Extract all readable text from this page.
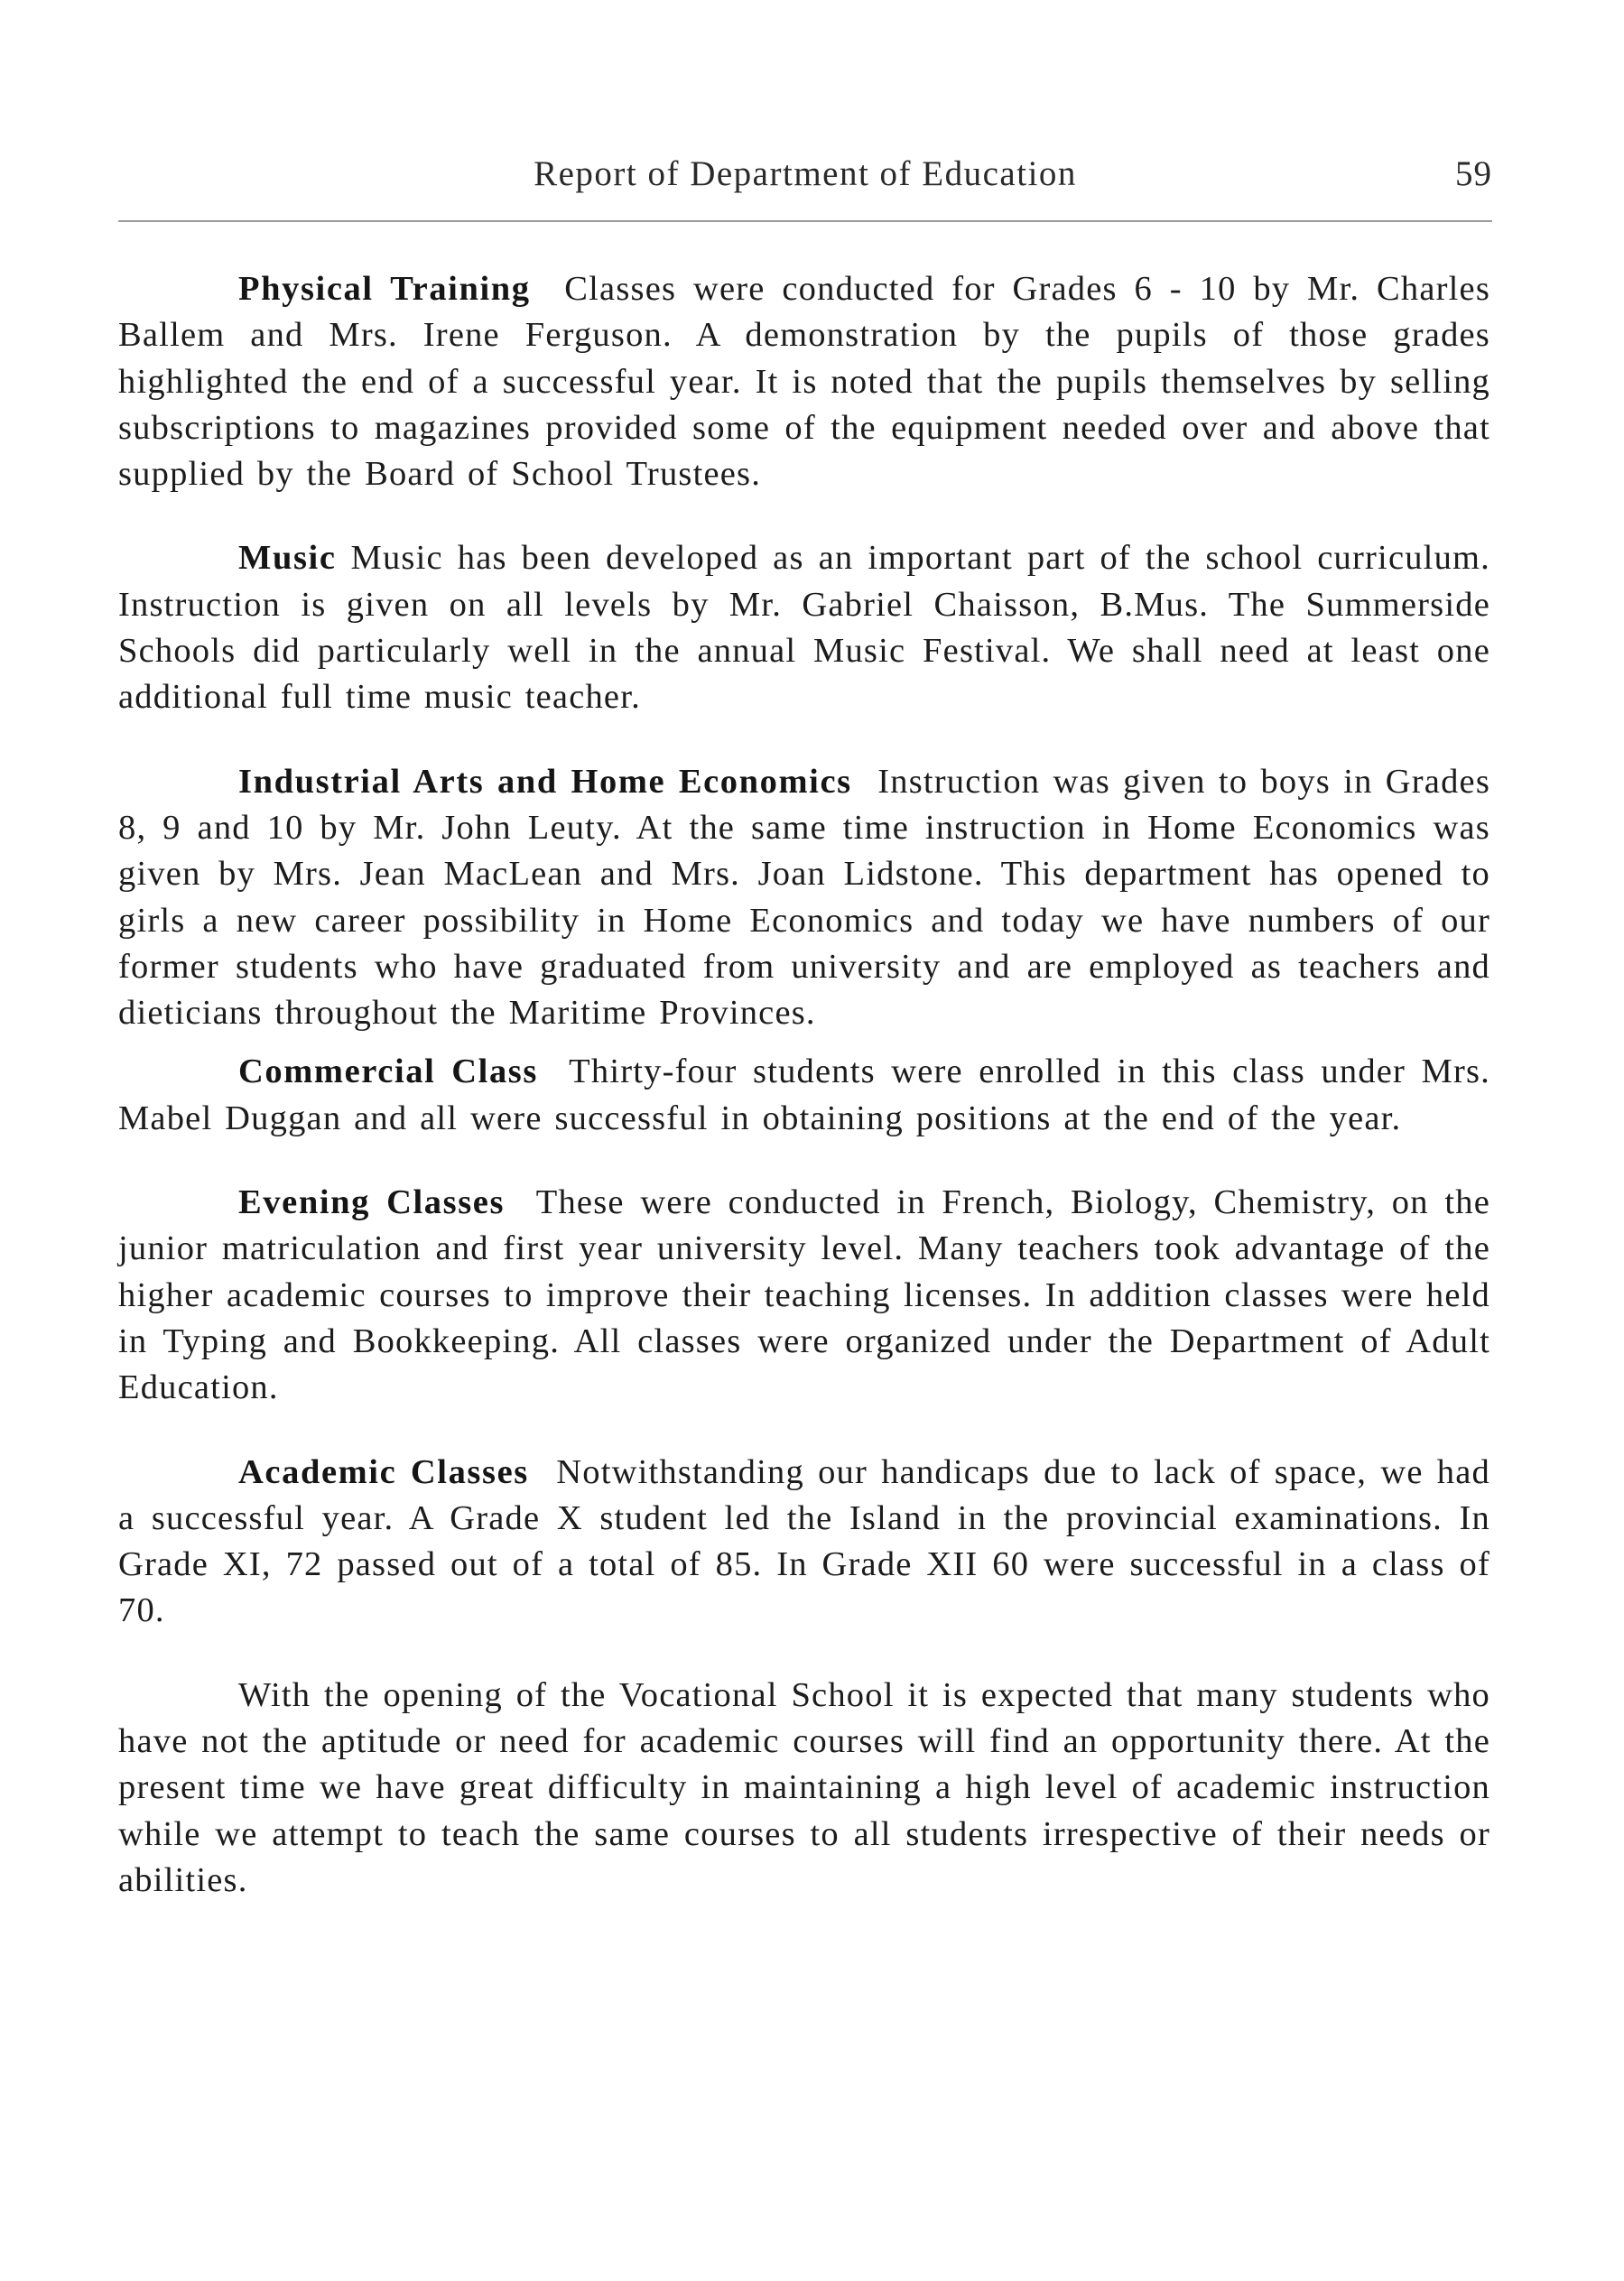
Report of Department of Education	59

Physical Training Classes were conducted for Grades 6 - 10 by Mr. Charles Ballem and Mrs. Irene Ferguson. A demonstration by the pupils of those grades highlighted the end of a successful year. It is noted that the pupils themselves by selling subscriptions to magazines provided some of the equipment needed over and above that supplied by the Board of School Trustees.

Music Music has been developed as an important part of the school curriculum. Instruction is given on all levels by Mr. Gabriel Chaisson, B.Mus. The Summerside Schools did particularly well in the annual Music Festival. We shall need at least one additional full time music teacher.

Industrial Arts and Home Economics Instruction was given to boys in Grades 8, 9 and 10 by Mr. John Leuty. At the same time instruction in Home Economics was given by Mrs. Jean MacLean and Mrs. Joan Lidstone. This department has opened to girls a new career possibility in Home Economics and today we have numbers of our former students who have graduated from university and are employed as teachers and dieticians throughout the Maritime Provinces.

Commercial Class Thirty-four students were enrolled in this class under Mrs. Mabel Duggan and all were successful in obtaining positions at the end of the year.

Evening Classes These were conducted in French, Biology, Chemistry, on the junior matriculation and first year university level. Many teachers took advantage of the higher academic courses to improve their teaching licenses. In addition classes were held in Typing and Bookkeeping. All classes were organized under the Department of Adult Education.

Academic Classes Notwithstanding our handicaps due to lack of space, we had a successful year. A Grade X student led the Island in the provincial examinations. In Grade XI, 72 passed out of a total of 85. In Grade XII 60 were successful in a class of 70.

With the opening of the Vocational School it is expected that many students who have not the aptitude or need for academic courses will find an opportunity there. At the present time we have great difficulty in maintaining a high level of academic instruction while we attempt to teach the same courses to all students irrespective of their needs or abilities.
